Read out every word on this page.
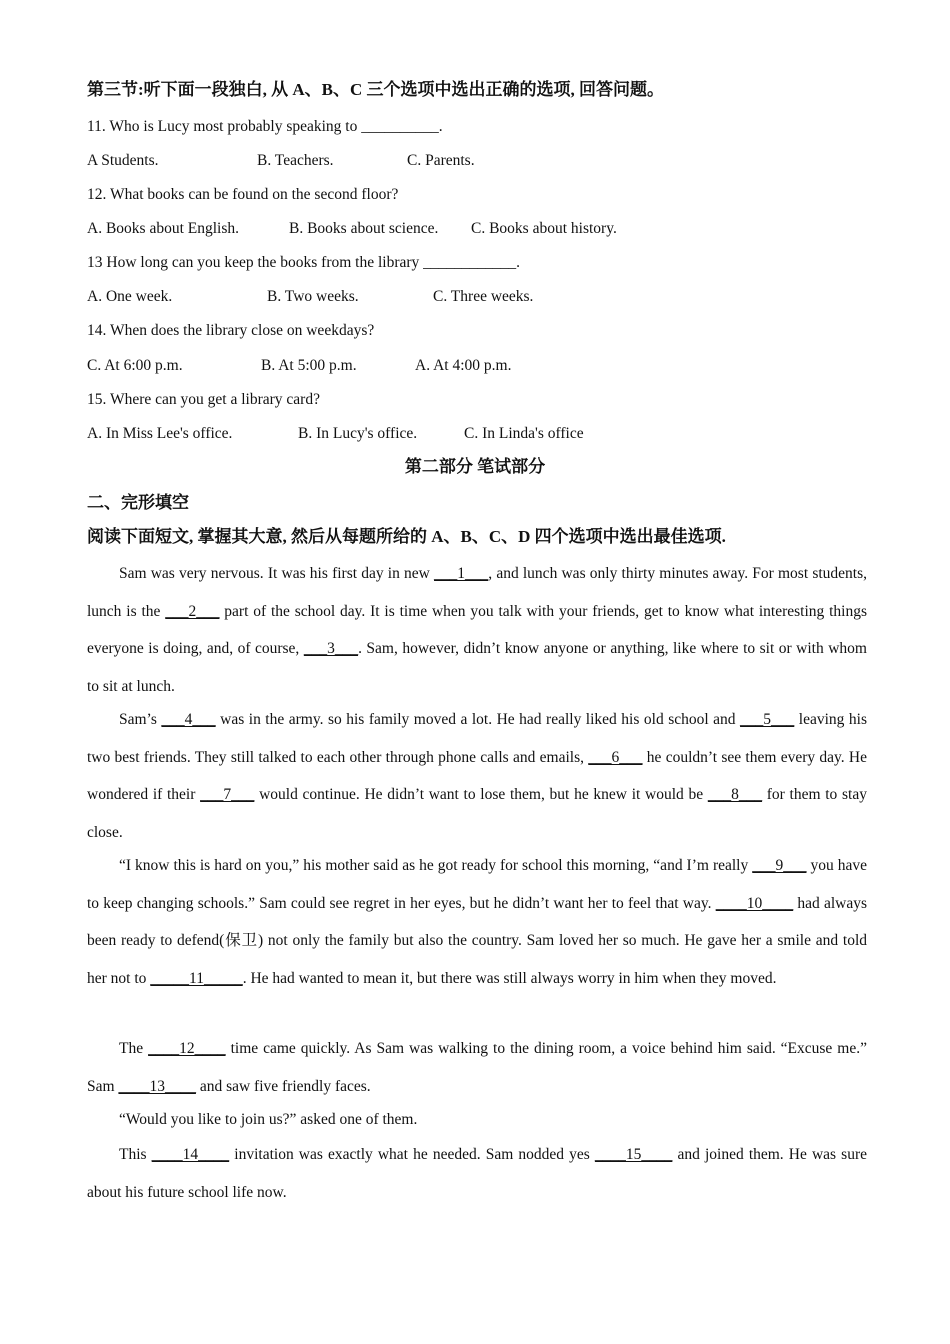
第三节:听下面一段独白, 从 A、B、C 三个选项中选出正确的选项, 回答问题。
11. Who is Lucy most probably speaking to __________.
A Students.	B. Teachers.	C. Parents.
12. What books can be found on the second floor?
A. Books about English.	B. Books about science. C. Books about history.
13 How long can you keep the books from the library ____________.
A. One week.	B. Two weeks.	C. Three weeks.
14. When does the library close on weekdays?
C. At 6:00 p.m.	B. At 5:00 p.m.	A. At 4:00 p.m.
15. Where can you get a library card?
A. In Miss Lee's office.	B. In Lucy's office.	C. In Linda's office
第二部分 笔试部分
二、完形填空
阅读下面短文, 掌握其大意, 然后从每题所给的 A、B、C、D 四个选项中选出最佳选项.
Sam was very nervous. It was his first day in new ___1___, and lunch was only thirty minutes away. For most students, lunch is the ___2___ part of the school day. It is time when you talk with your friends, get to know what interesting things everyone is doing, and, of course, ___3___. Sam, however, didn’t know anyone or anything, like where to sit or with whom to sit at lunch.
Sam’s ___4___ was in the army. so his family moved a lot. He had really liked his old school and ___5___ leaving his two best friends. They still talked to each other through phone calls and emails, ___6___ he couldn’t see them every day. He wondered if their ___7___ would continue. He didn’t want to lose them, but he knew it would be ___8___ for them to stay close.
“I know this is hard on you,” his mother said as he got ready for school this morning, “and I’m really ___9___ you have to keep changing schools.” Sam could see regret in her eyes, but he didn’t want her to feel that way. ____10____ had always been ready to defend(保卫) not only the family but also the country. Sam loved her so much. He gave her a smile and told her not to _____11_____. He had wanted to mean it, but there was still always worry in him when they moved.
The ____12____ time came quickly. As Sam was walking to the dining room, a voice behind him said. “Excuse me.” Sam ____13____ and saw five friendly faces.
“Would you like to join us?” asked one of them.
This ____14____ invitation was exactly what he needed. Sam nodded yes ____15____ and joined them. He was sure about his future school life now.
